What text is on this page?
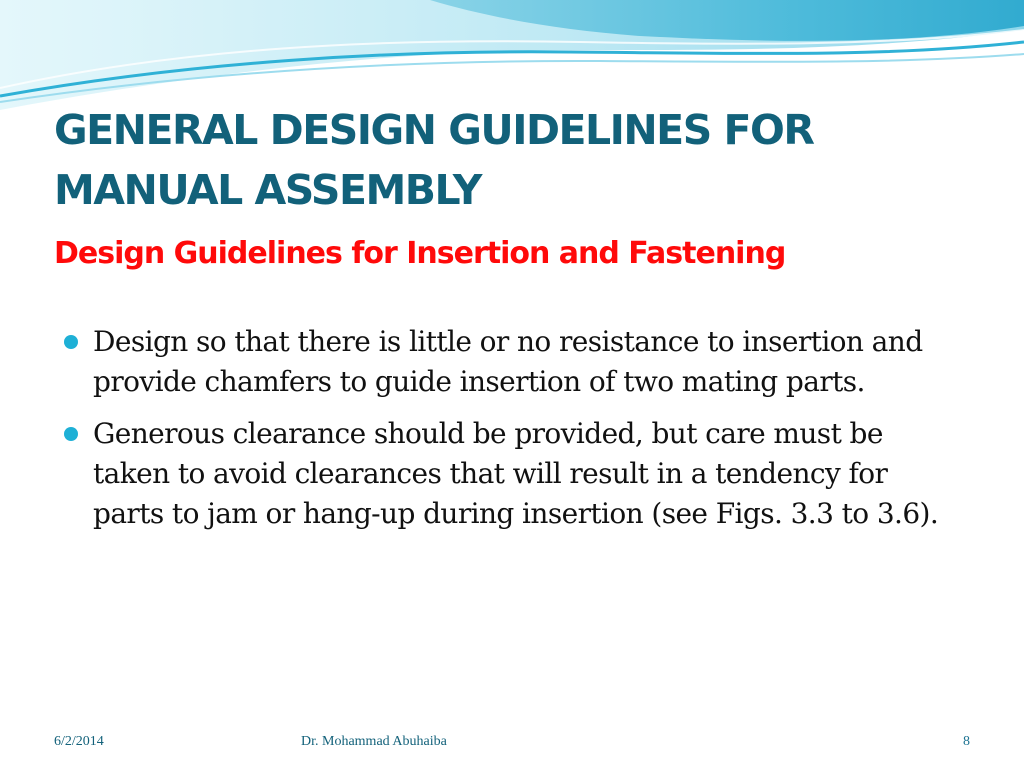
GENERAL DESIGN GUIDELINES FOR MANUAL ASSEMBLY
Design Guidelines for Insertion and Fastening
Design so that there is little or no resistance to insertion and provide chamfers to guide insertion of two mating parts.
Generous clearance should be provided, but care must be taken to avoid clearances that will result in a tendency for parts to jam or hang-up during insertion (see Figs. 3.3 to 3.6).
6/2/2014	Dr. Mohammad Abuhaiba	8
